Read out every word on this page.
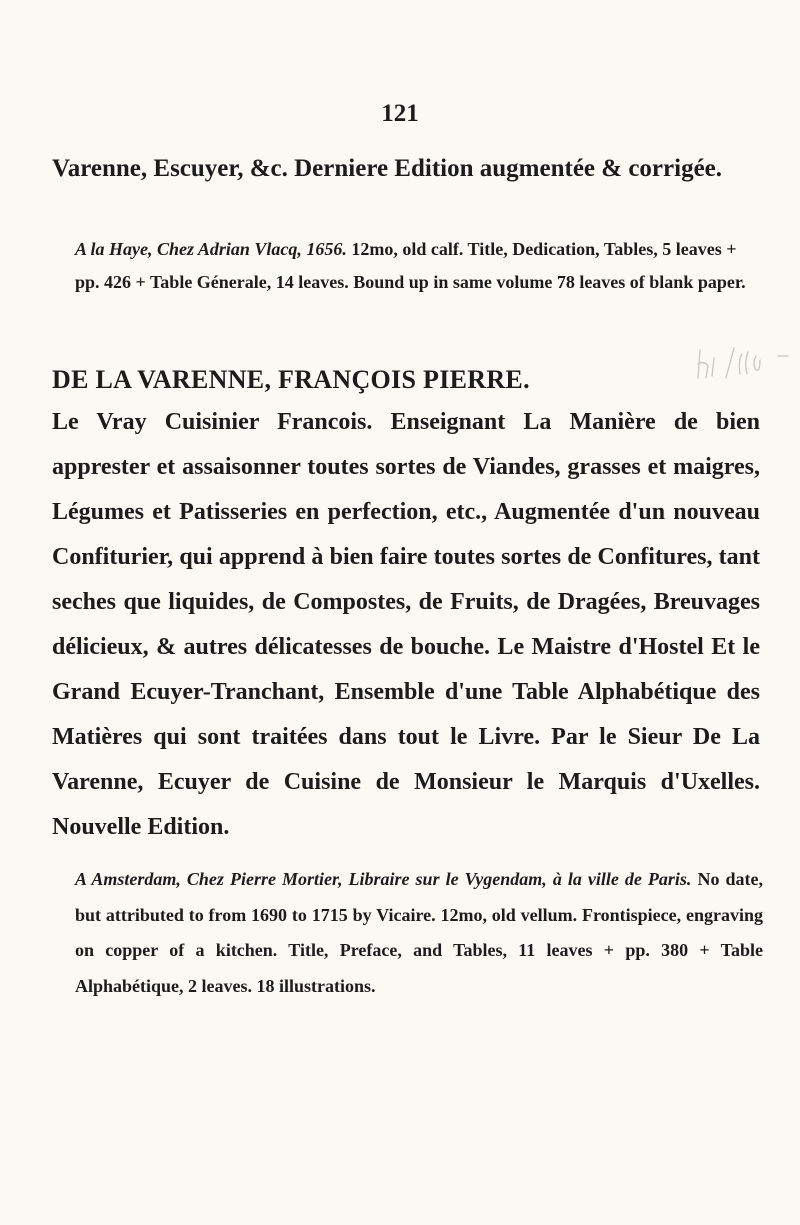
121
Varenne, Escuyer, &c. Derniere Edition augmentée & corrigée.
A la Haye, Chez Adrian Vlacq, 1656. 12mo, old calf. Title, Dedication, Tables, 5 leaves + pp. 426 + Table Génerale, 14 leaves. Bound up in same volume 78 leaves of blank paper.
DE LA VARENNE, FRANÇOIS PIERRE.
Le Vray Cuisinier Francois. Enseignant La Manière de bien apprester et assaisonner toutes sortes de Viandes, grasses et maigres, Légumes et Patisseries en perfection, etc., Augmentée d'un nouveau Confiturier, qui apprend à bien faire toutes sortes de Confitures, tant seches que liquides, de Compostes, de Fruits, de Dragées, Breuvages délicieux, & autres délicatesses de bouche. Le Maistre d'Hostel Et le Grand Ecuyer-Tranchant, Ensemble d'une Table Alphabétique des Matières qui sont traitées dans tout le Livre. Par le Sieur De La Varenne, Ecuyer de Cuisine de Monsieur le Marquis d'Uxelles. Nouvelle Edition.
A Amsterdam, Chez Pierre Mortier, Libraire sur le Vygendam, à la ville de Paris. No date, but attributed to from 1690 to 1715 by Vicaire. 12mo, old vellum. Frontispiece, engraving on copper of a kitchen. Title, Preface, and Tables, 11 leaves + pp. 380 + Table Alphabétique, 2 leaves. 18 illustrations.
